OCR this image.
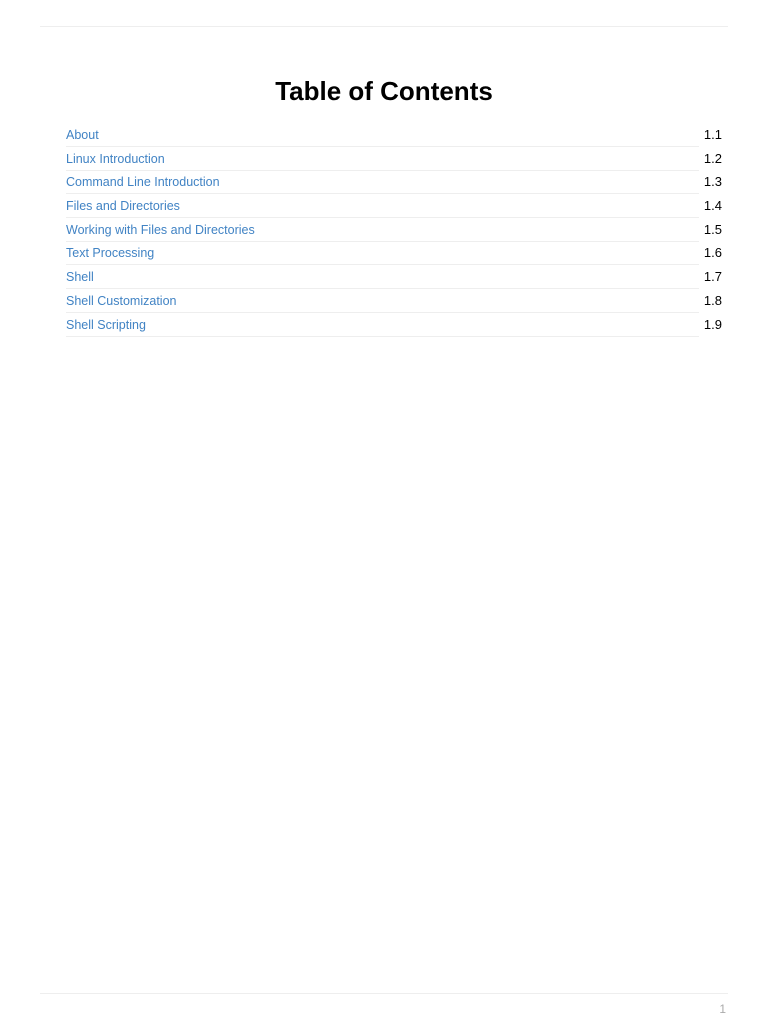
Table of Contents
About	1.1
Linux Introduction	1.2
Command Line Introduction	1.3
Files and Directories	1.4
Working with Files and Directories	1.5
Text Processing	1.6
Shell	1.7
Shell Customization	1.8
Shell Scripting	1.9
1
